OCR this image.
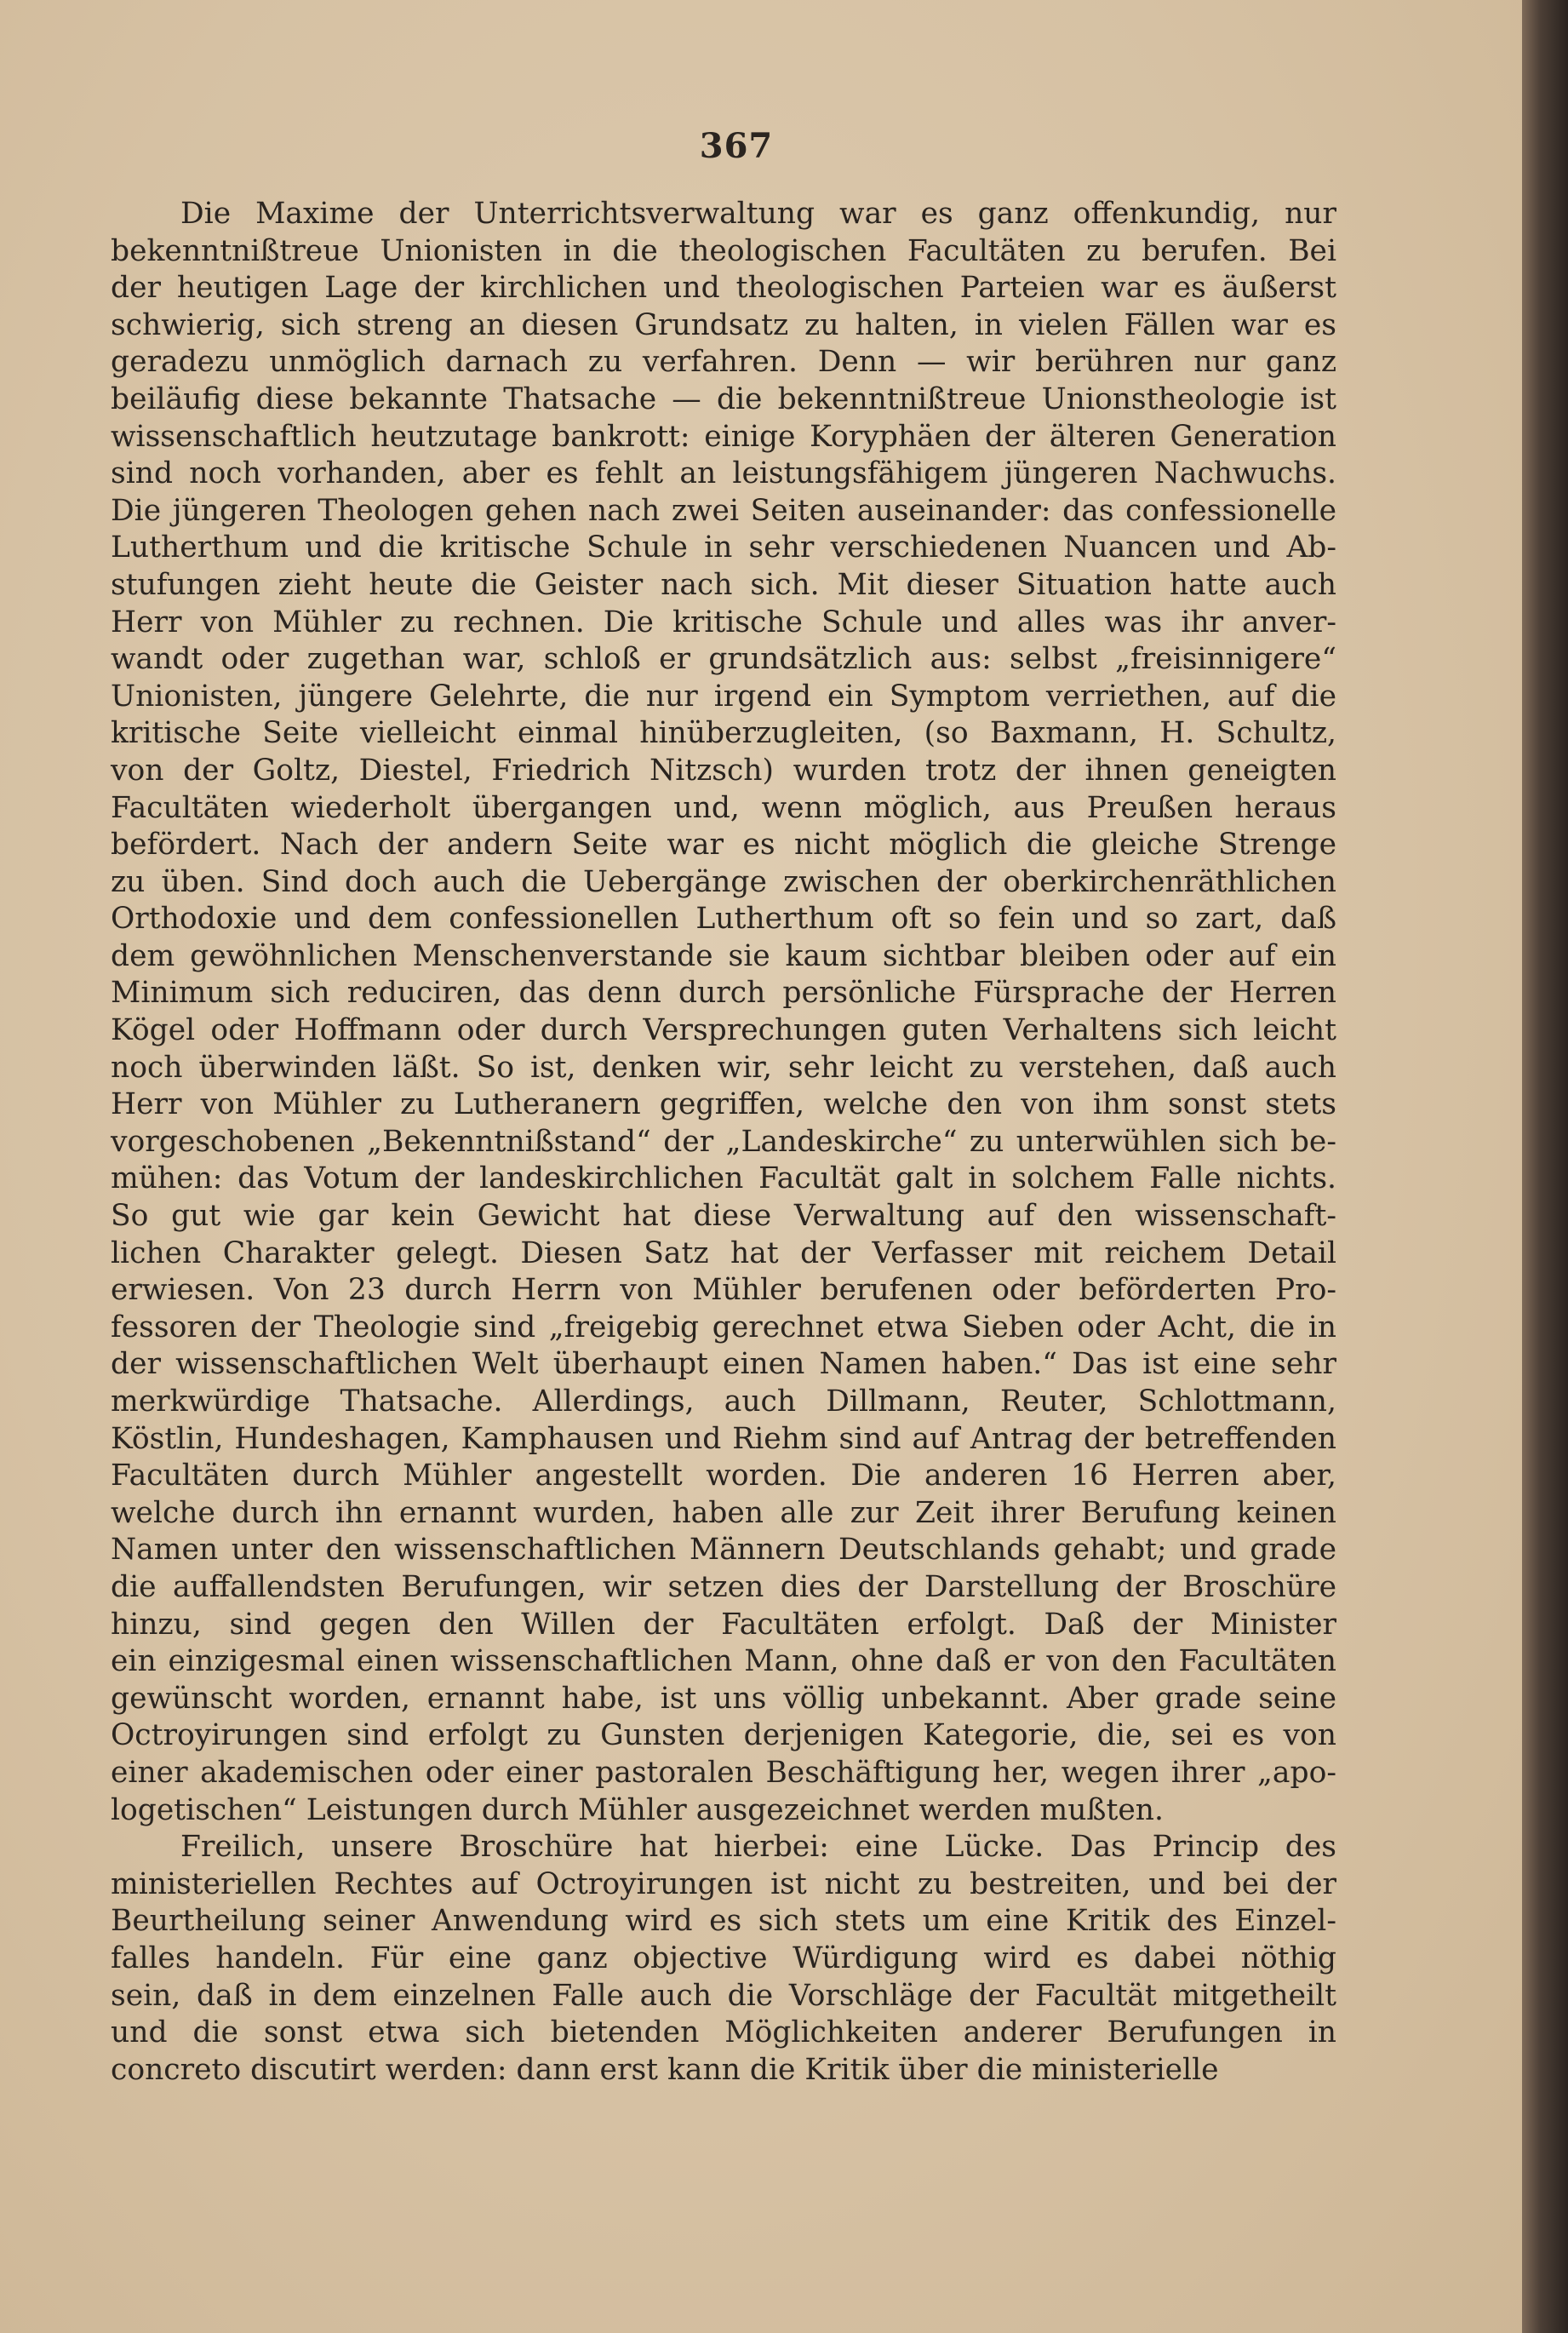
367
Die Maxime der Unterrichtsverwaltung war es ganz offenkundig, nur
bekenntnißtreue Unionisten in die theologischen Facultäten zu berufen. Bei
der heutigen Lage der kirchlichen und theologischen Parteien war es äußerst
schwierig, sich streng an diesen Grundsatz zu halten, in vielen Fällen war es
geradezu unmöglich darnach zu verfahren. Denn — wir berühren nur ganz
beiläufig diese bekannte Thatsache — die bekenntnißtreue Unionstheologie ist
wissenschaftlich heutzutage bankrott: einige Koryphäen der älteren Generation
sind noch vorhanden, aber es fehlt an leistungsfähigem jüngeren Nachwuchs.
Die jüngeren Theologen gehen nach zwei Seiten auseinander: das confessionelle
Lutherthum und die kritische Schule in sehr verschiedenen Nuancen und Ab-
stufungen zieht heute die Geister nach sich. Mit dieser Situation hatte auch
Herr von Mühler zu rechnen. Die kritische Schule und alles was ihr anver-
wandt oder zugethan war, schloß er grundsätzlich aus: selbst „freisinnigere“
Unionisten, jüngere Gelehrte, die nur irgend ein Symptom verriethen, auf die
kritische Seite vielleicht einmal hinüberzugleiten, (so Baxmann, H. Schultz,
von der Goltz, Diestel, Friedrich Nitzsch) wurden trotz der ihnen geneigten
Facultäten wiederholt übergangen und, wenn möglich, aus Preußen heraus
befördert. Nach der andern Seite war es nicht möglich die gleiche Strenge
zu üben. Sind doch auch die Uebergänge zwischen der oberkirchenräthlichen
Orthodoxie und dem confessionellen Lutherthum oft so fein und so zart, daß
dem gewöhnlichen Menschenverstande sie kaum sichtbar bleiben oder auf ein
Minimum sich reduciren, das denn durch persönliche Fürsprache der Herren
Kögel oder Hoffmann oder durch Versprechungen guten Verhaltens sich leicht
noch überwinden läßt. So ist, denken wir, sehr leicht zu verstehen, daß auch
Herr von Mühler zu Lutheranern gegriffen, welche den von ihm sonst stets
vorgeschobenen „Bekenntnißstand“ der „Landeskirche“ zu unterwühlen sich be-
mühen: das Votum der landeskirchlichen Facultät galt in solchem Falle nichts.
So gut wie gar kein Gewicht hat diese Verwaltung auf den wissenschaft-
lichen Charakter gelegt. Diesen Satz hat der Verfasser mit reichem Detail
erwiesen. Von 23 durch Herrn von Mühler berufenen oder beförderten Pro-
fessoren der Theologie sind „freigebig gerechnet etwa Sieben oder Acht, die in
der wissenschaftlichen Welt überhaupt einen Namen haben.“ Das ist eine sehr
merkwürdige Thatsache. Allerdings, auch Dillmann, Reuter, Schlottmann,
Köstlin, Hundeshagen, Kamphausen und Riehm sind auf Antrag der betreffenden
Facultäten durch Mühler angestellt worden. Die anderen 16 Herren aber,
welche durch ihn ernannt wurden, haben alle zur Zeit ihrer Berufung keinen
Namen unter den wissenschaftlichen Männern Deutschlands gehabt; und grade
die auffallendsten Berufungen, wir setzen dies der Darstellung der Broschüre
hinzu, sind gegen den Willen der Facultäten erfolgt. Daß der Minister
ein einzigesmal einen wissenschaftlichen Mann, ohne daß er von den Facultäten
gewünscht worden, ernannt habe, ist uns völlig unbekannt. Aber grade seine
Octroyirungen sind erfolgt zu Gunsten derjenigen Kategorie, die, sei es von
einer akademischen oder einer pastoralen Beschäftigung her, wegen ihrer „apo-
logetischen“ Leistungen durch Mühler ausgezeichnet werden mußten.
Freilich, unsere Broschüre hat hierbei: eine Lücke. Das Princip des
ministeriellen Rechtes auf Octroyirungen ist nicht zu bestreiten, und bei der
Beurtheilung seiner Anwendung wird es sich stets um eine Kritik des Einzel-
falles handeln. Für eine ganz objective Würdigung wird es dabei nöthig
sein, daß in dem einzelnen Falle auch die Vorschläge der Facultät mitgetheilt
und die sonst etwa sich bietenden Möglichkeiten anderer Berufungen in
concreto discutirt werden: dann erst kann die Kritik über die ministerielle
